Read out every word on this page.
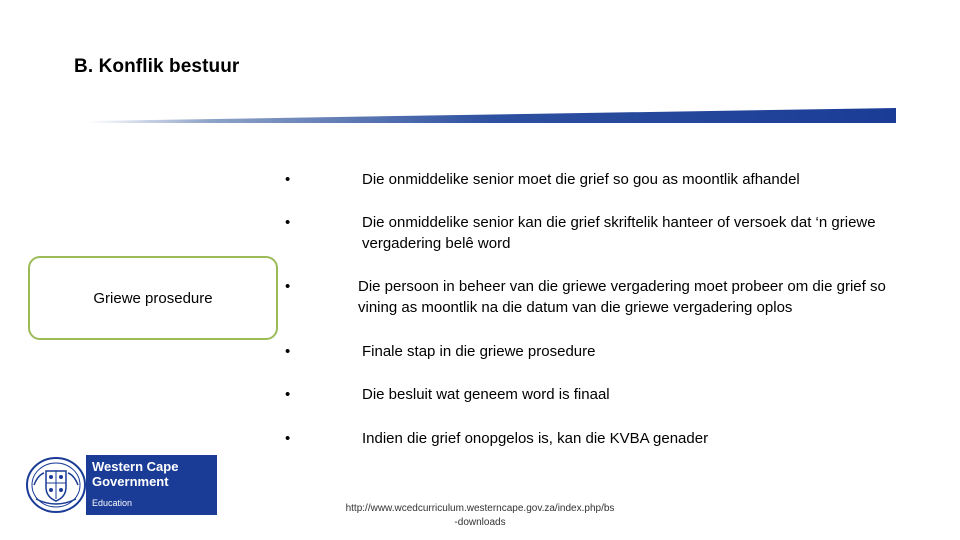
B. Konflik bestuur
Griewe prosedure
•	Die onmiddelike senior moet die grief so gou as moontlik afhandel
•	Die onmiddelike senior kan die grief skriftelik hanteer of versoek dat ‘n griewe vergadering belê word
•	Die persoon in beheer van die griewe vergadering moet probeer om die grief so vining as moontlik na die datum van die griewe vergadering oplos
•	Finale stap in die griewe prosedure
•	Die besluit wat geneem word is finaal
•	Indien die grief onopgelos is, kan die KVBA genader
Western Cape
Government
Education	http://www.wcedcurriculum.westerncape.gov.za/index.php/bs
-downloads
